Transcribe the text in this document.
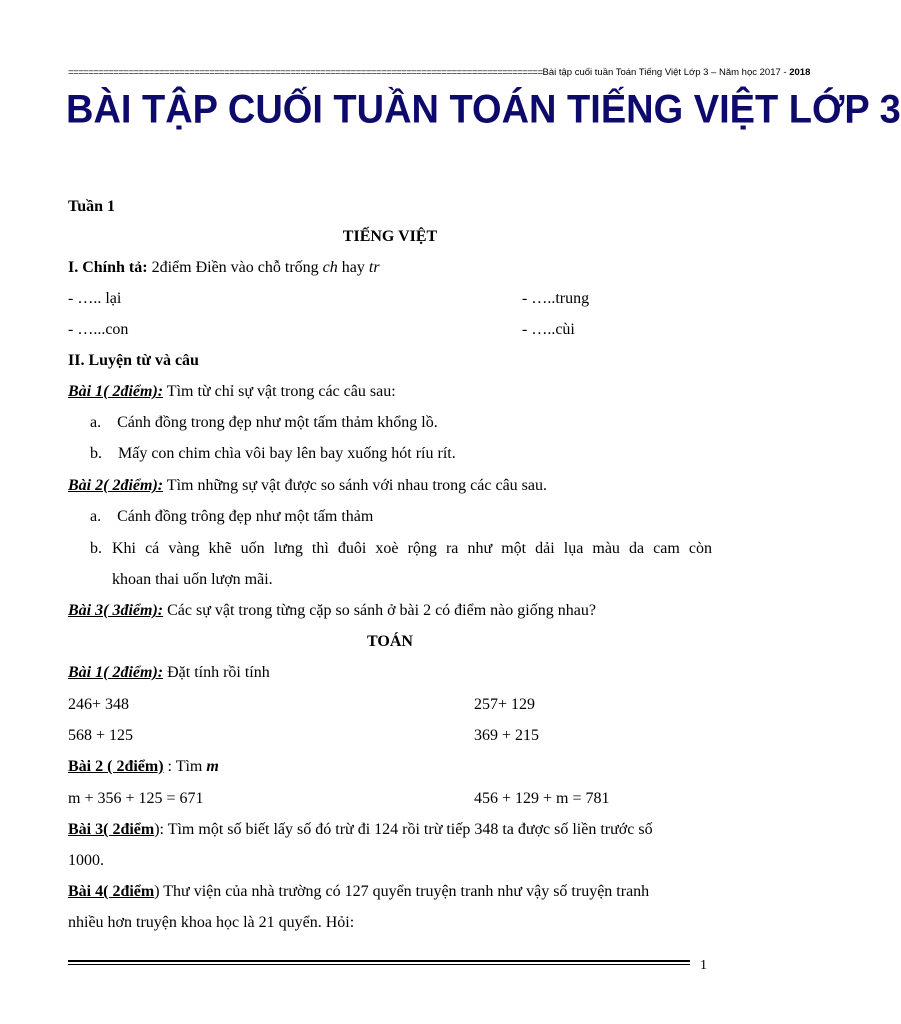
============================================================================================== Bài tập cuối tuần Toán Tiếng Việt Lớp 3 – Năm học 2017 - 2018
BÀI TẬP CUỐI TUẦN TOÁN TIẾNG VIỆT LỚP 3
Tuần 1
TIẾNG VIỆT
I. Chính tả: 2điểm Điền vào chỗ trống ch hay tr
- ….. lại	- …..trung
- …...con	- …..cùi
II. Luyện từ và câu
Bài 1( 2điểm): Tìm từ chỉ sự vật trong các câu sau:
a.    Cánh đồng trong đẹp như một tấm thảm khổng lồ.
b.    Mấy con chim chìa vôi bay lên bay xuống hót ríu rít.
Bài 2( 2điểm): Tìm những sự vật được so sánh với nhau trong các câu sau.
a.    Cánh đồng trông đẹp như một tấm thảm
b. Khi cá vàng khẽ uốn lưng thì đuôi xoè rộng ra như một dải lụa màu da cam còn
khoan thai uốn lượn mãi.
Bài 3( 3điểm): Các sự vật trong từng cặp so sánh ở bài 2 có điểm nào giống nhau?
TOÁN
Bài 1( 2điểm): Đặt tính rồi tính
246+ 348	257+ 129
568 + 125	369 + 215
Bài 2 ( 2điểm) : Tìm m
m + 356 + 125 = 671	456 + 129 + m = 781
Bài 3( 2điểm): Tìm một số biết lấy số đó trừ đi 124 rồi trừ tiếp 348 ta được số liền trước số
1000.
Bài 4( 2điểm) Thư viện của nhà trường có 127 quyển truyện tranh như vậy số truyện tranh
nhiều hơn truyện khoa học là 21 quyển. Hỏi:
1
